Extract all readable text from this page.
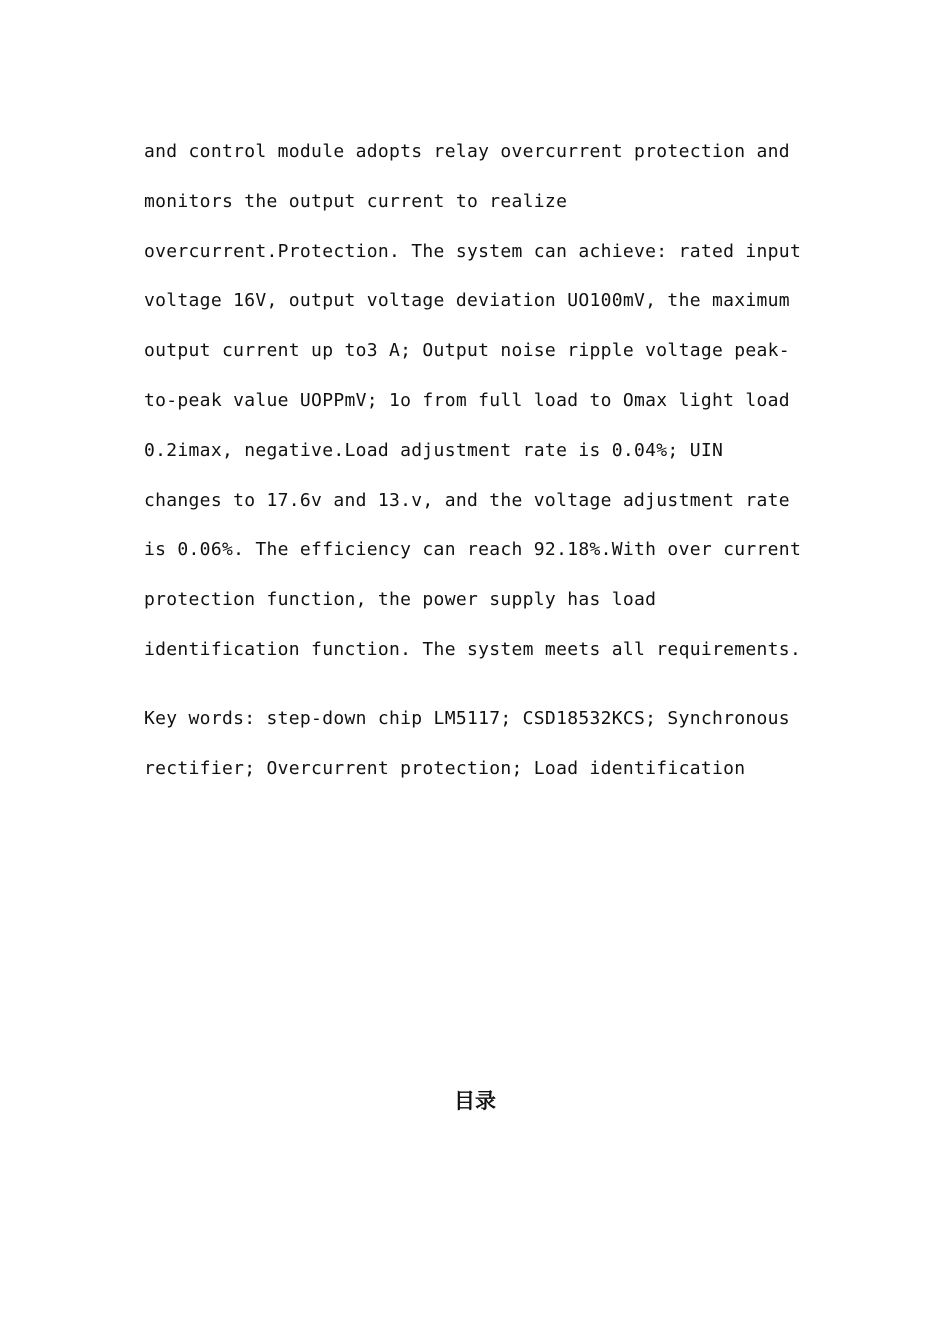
and control module adopts relay overcurrent protection and
monitors the output current to realize
overcurrent.Protection. The system can achieve: rated input
voltage 16V, output voltage deviation UO100mV, the maximum
output current up to3 A; Output noise ripple voltage peak-
to-peak value UOPPmV; 1o from full load to Omax light load
0.2imax, negative.Load adjustment rate is 0.04%; UIN
changes to 17.6v and 13.v, and the voltage adjustment rate
is 0.06%. The efficiency can reach 92.18%.With over current
protection function, the power supply has load
identification function. The system meets all requirements.
Key words: step-down chip LM5117; CSD18532KCS; Synchronous
rectifier; Overcurrent protection; Load identification
目录
